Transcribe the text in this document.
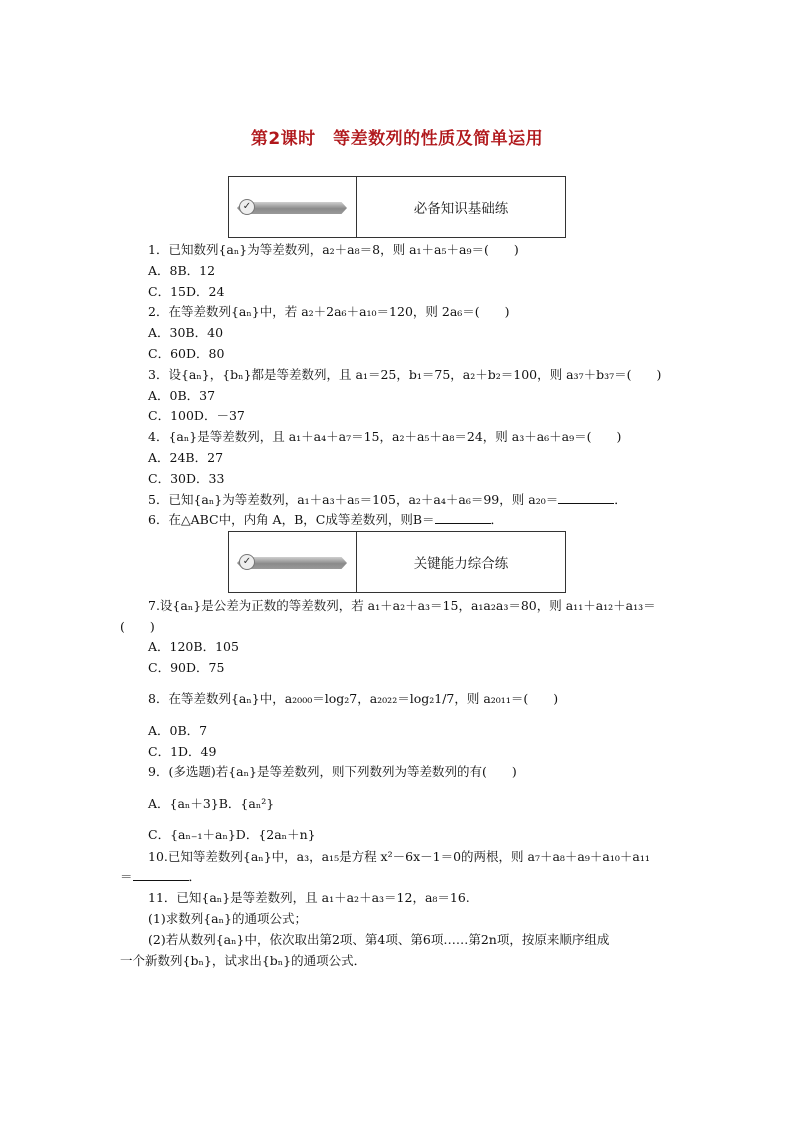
第2课时　等差数列的性质及简单运用
✓	必备知识基础练
1．已知数列{aₙ}为等差数列，a₂＋a₈＝8，则 a₁＋a₅＋a₉＝(　　)
A．8B．12
C．15D．24
2．在等差数列{aₙ}中，若 a₂＋2a₆＋a₁₀＝120，则 2a₆＝(　　)
A．30B．40
C．60D．80
3．设{aₙ}，{bₙ}都是等差数列，且 a₁＝25，b₁＝75，a₂＋b₂＝100，则 a₃₇＋b₃₇＝(　　)
A．0B．37
C．100D．－37
4．{aₙ}是等差数列，且 a₁＋a₄＋a₇＝15，a₂＋a₅＋a₈＝24，则 a₃＋a₆＋a₉＝(　　)
A．24B．27
C．30D．33
5．已知{aₙ}为等差数列，a₁＋a₃＋a₅＝105，a₂＋a₄＋a₆＝99，则 a₂₀＝	．
6．在△ABC中，内角 A，B，C成等差数列，则B＝	．
✓	关键能力综合练
7.设{aₙ}是公差为正数的等差数列，若 a₁＋a₂＋a₃＝15，a₁a₂a₃＝80，则 a₁₁＋a₁₂＋a₁₃＝
(　　)
A．120B．105
C．90D．75
8．在等差数列{aₙ}中，a₂₀₀₀＝log₂7，a₂₀₂₂＝log₂1/7，则 a₂₀₁₁＝(　　)
A．0B．7
C．1D．49
9．(多选题)若{aₙ}是等差数列，则下列数列为等差数列的有(　　)
A．{aₙ＋3}B．{aₙ²}
C．{aₙ₋₁＋aₙ}D．{2aₙ＋n}
10.已知等差数列{aₙ}中，a₃，a₁₅是方程 x²－6x－1＝0的两根，则 a₇＋a₈＋a₉＋a₁₀＋a₁₁
＝	．
11．已知{aₙ}是等差数列，且 a₁＋a₂＋a₃＝12，a₈＝16.
(1)求数列{aₙ}的通项公式；
(2)若从数列{aₙ}中，依次取出第2项、第4项、第6项……第2n项，按原来顺序组成
一个新数列{bₙ}，试求出{bₙ}的通项公式．
